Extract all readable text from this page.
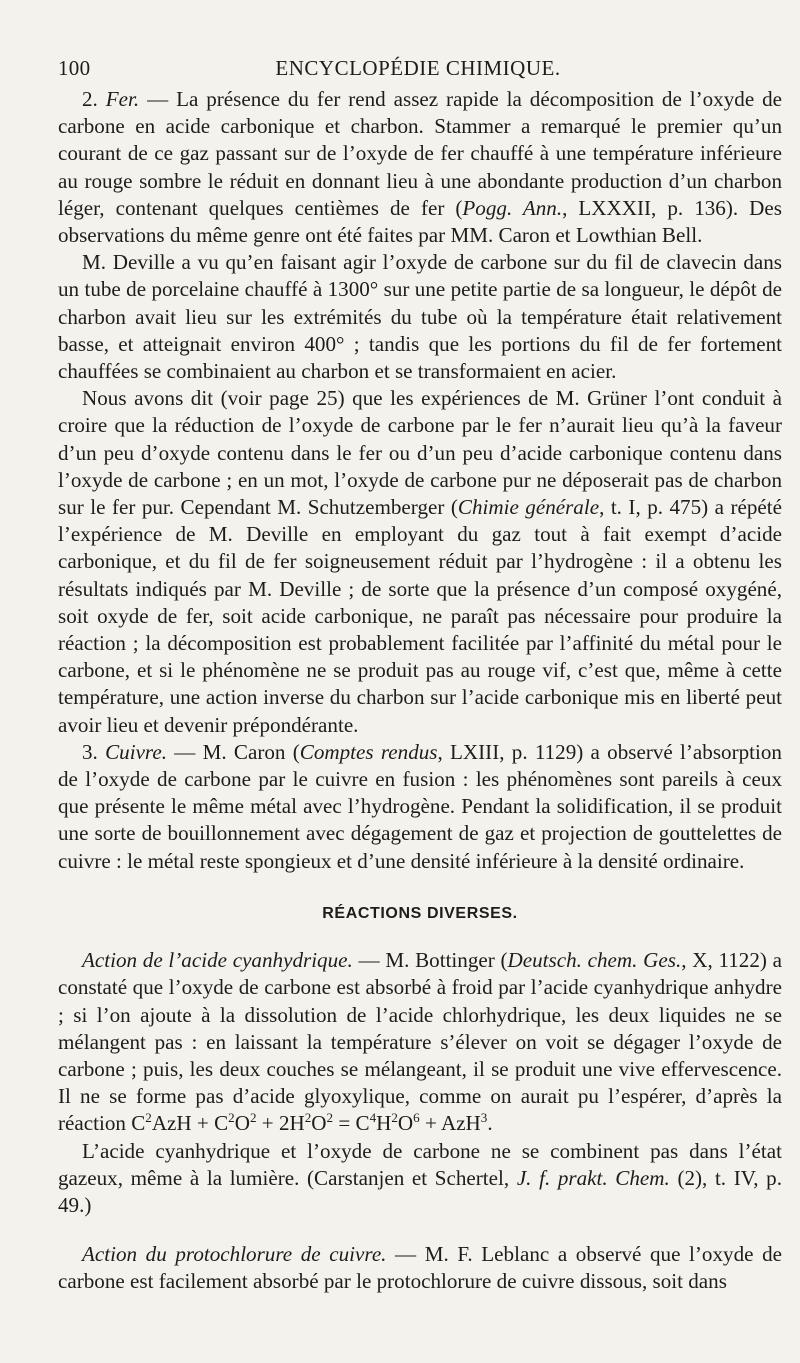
100	ENCYCLOPÉDIE CHIMIQUE.

2. Fer. — La présence du fer rend assez rapide la décomposition de l’oxyde de carbone en acide carbonique et charbon. Stammer a remarqué le premier qu’un courant de ce gaz passant sur de l’oxyde de fer chauffé à une température inférieure au rouge sombre le réduit en donnant lieu à une abondante production d’un charbon léger, contenant quelques centièmes de fer (Pogg. Ann., LXXXII, p. 136). Des observations du même genre ont été faites par MM. Caron et Lowthian Bell.

M. Deville a vu qu’en faisant agir l’oxyde de carbone sur du fil de clavecin dans un tube de porcelaine chauffé à 1300° sur une petite partie de sa longueur, le dépôt de charbon avait lieu sur les extrémités du tube où la température était relativement basse, et atteignait environ 400° ; tandis que les portions du fil de fer fortement chauffées se combinaient au charbon et se transformaient en acier.

Nous avons dit (voir page 25) que les expériences de M. Grüner l’ont conduit à croire que la réduction de l’oxyde de carbone par le fer n’aurait lieu qu’à la faveur d’un peu d’oxyde contenu dans le fer ou d’un peu d’acide carbonique contenu dans l’oxyde de carbone ; en un mot, l’oxyde de carbone pur ne déposerait pas de charbon sur le fer pur. Cependant M. Schutzemberger (Chimie générale, t. I, p. 475) a répété l’expérience de M. Deville en employant du gaz tout à fait exempt d’acide carbonique, et du fil de fer soigneusement réduit par l’hydrogène : il a obtenu les résultats indiqués par M. Deville ; de sorte que la présence d’un composé oxygéné, soit oxyde de fer, soit acide carbonique, ne paraît pas nécessaire pour produire la réaction ; la décomposition est probablement facilitée par l’affinité du métal pour le carbone, et si le phénomène ne se produit pas au rouge vif, c’est que, même à cette température, une action inverse du charbon sur l’acide carbonique mis en liberté peut avoir lieu et devenir prépondérante.

3. Cuivre. — M. Caron (Comptes rendus, LXIII, p. 1129) a observé l’absorption de l’oxyde de carbone par le cuivre en fusion : les phénomènes sont pareils à ceux que présente le même métal avec l’hydrogène. Pendant la solidification, il se produit une sorte de bouillonnement avec dégagement de gaz et projection de gouttelettes de cuivre : le métal reste spongieux et d’une densité inférieure à la densité ordinaire.

RÉACTIONS DIVERSES.

Action de l’acide cyanhydrique. — M. Bottinger (Deutsch. chem. Ges., X, 1122) a constaté que l’oxyde de carbone est absorbé à froid par l’acide cyanhydrique anhydre ; si l’on ajoute à la dissolution de l’acide chlorhydrique, les deux liquides ne se mélangent pas : en laissant la température s’élever on voit se dégager l’oxyde de carbone ; puis, les deux couches se mélangeant, il se produit une vive effervescence. Il ne se forme pas d’acide glyoxylique, comme on aurait pu l’espérer, d’après la réaction $C^2AzH + C^2O^2 + 2H^2O^2 = C^4H^2O^6 + AzH^3$.

L’acide cyanhydrique et l’oxyde de carbone ne se combinent pas dans l’état gazeux, même à la lumière. (Carstanjen et Schertel, J. f. prakt. Chem. (2), t. IV, p. 49.)

Action du protochlorure de cuivre. — M. F. Leblanc a observé que l’oxyde de carbone est facilement absorbé par le protochlorure de cuivre dissous, soit dans
